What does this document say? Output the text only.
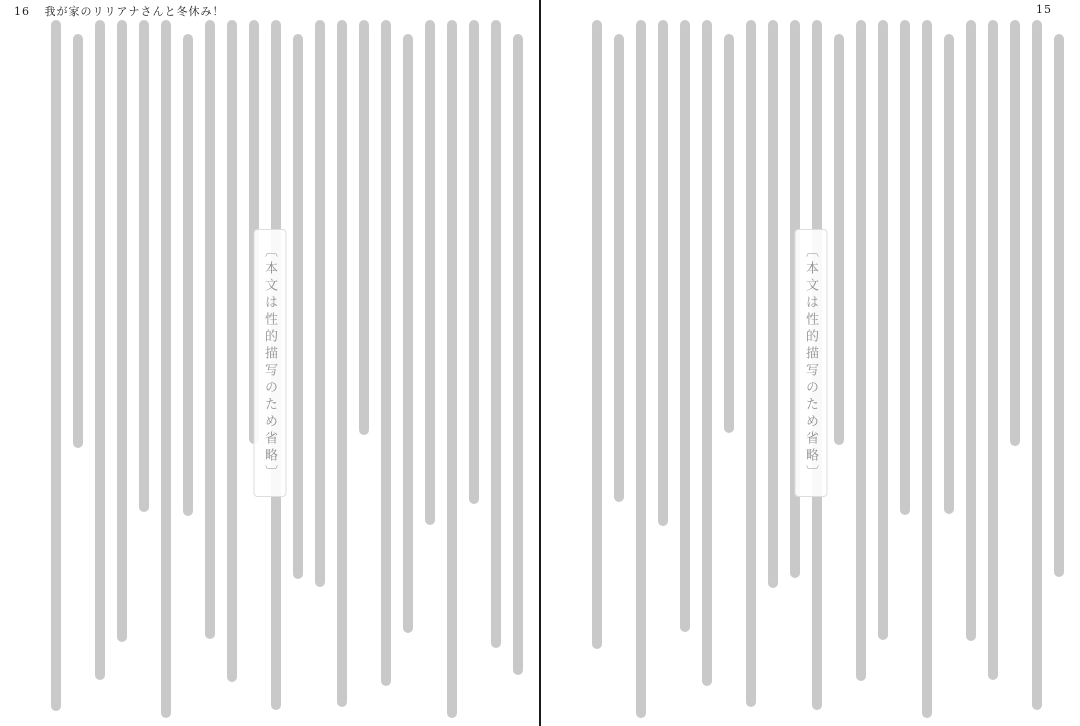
16 我が家のリリアナさんと冬休み！
〔本文は性的描写のため省略〕
15
〔本文は性的描写のため省略〕
